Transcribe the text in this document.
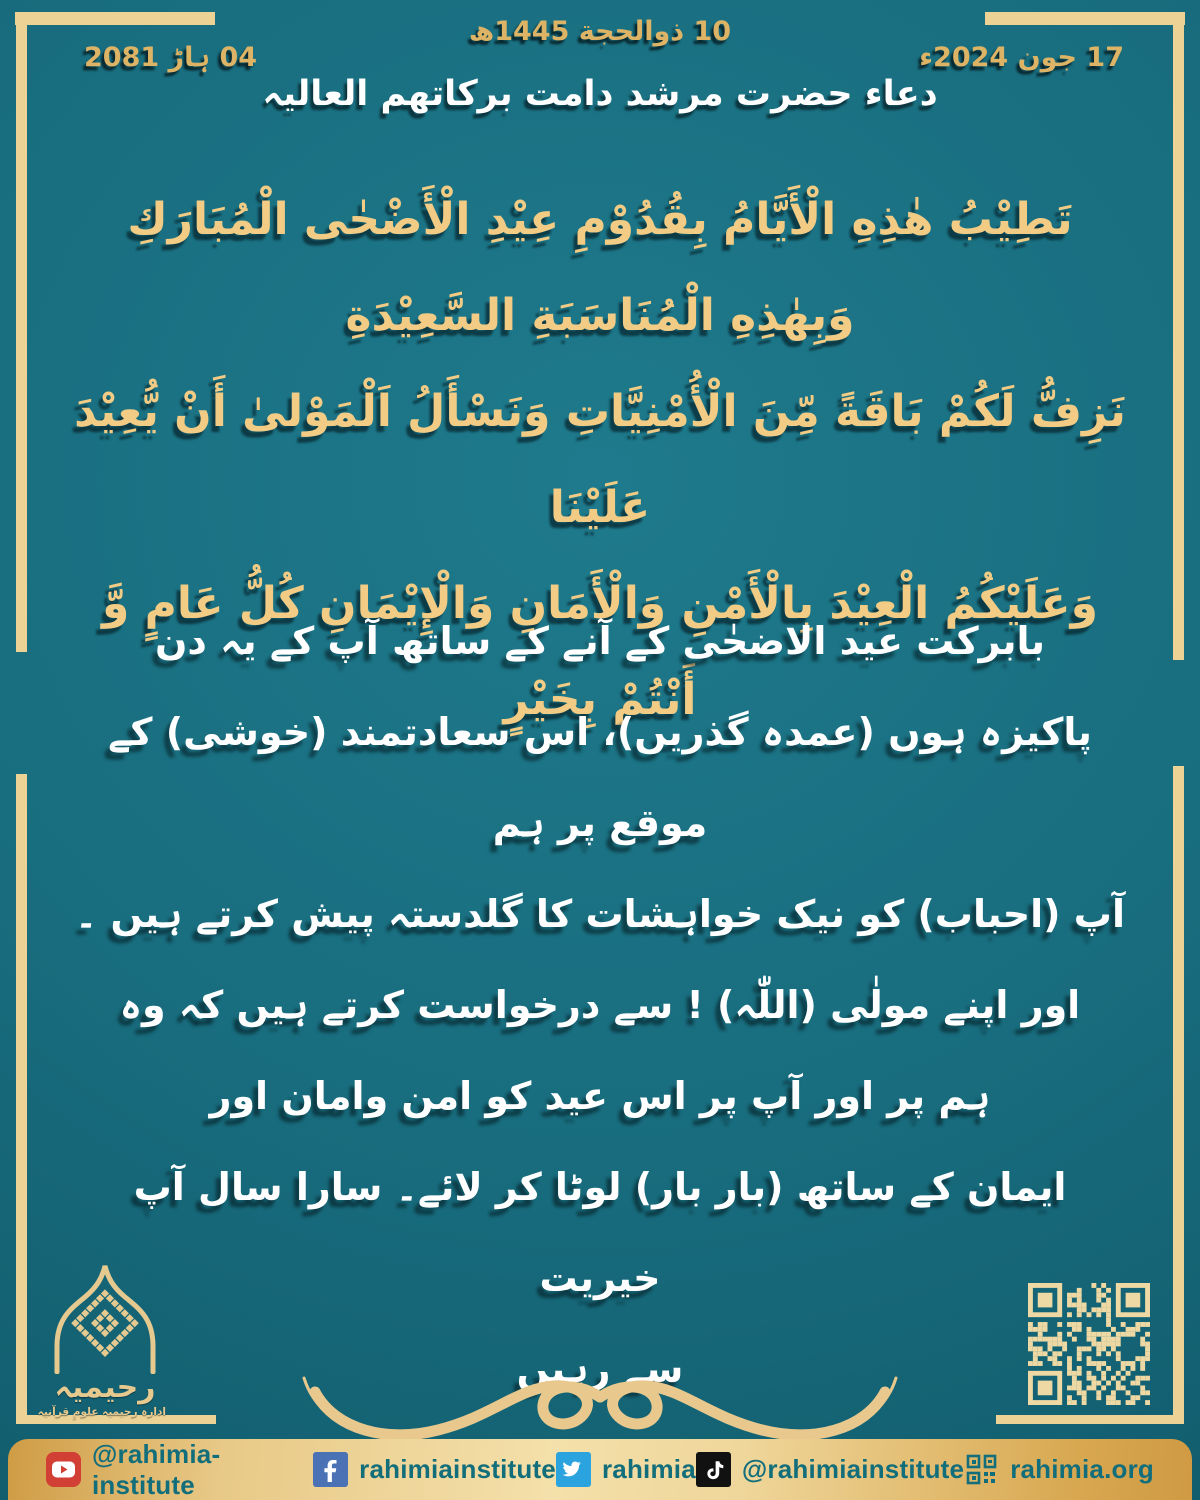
10 ذوالحجة 1445ھ
04 ہاڑ 2081	17 جون 2024ء
دعاء حضرت مرشد دامت برکاتھم العالیہ
تَطِيْبُ هٰذِهِ الْأَيَّامُ بِقُدُوْمِ عِيْدِ الْأَضْحٰى الْمُبَارَكِ وَبِهٰذِهِ الْمُنَاسَبَةِ السَّعِيْدَةِ
نَزِفُّ لَكُمْ بَاقَةً مِّنَ الْأُمْنِيَّاتِ وَنَسْأَلُ اَلْمَوْلىٰ أَنْ يُّعِيْدَ عَلَيْنَا
وَعَلَيْكُمُ الْعِيْدَ بِالْأَمْنِ وَالْأَمَانِ وَالْإِيْمَانِ كُلُّ عَامٍ وَّ أَنْتُمْ بِخَيْرٍ
بابرکت عید الاضحٰی کے آنے کے ساتھ آپ کے یہ دن
پاکیزہ ہوں (عمدہ گذریں)، اس سعادتمند (خوشی) کے موقع پر ہم
آپ (احباب) کو نیک خواہشات کا گلدستہ پیش کرتے ہیں ۔
اور اپنے مولٰی (اللّٰہ) ! سے درخواست کرتے ہیں کہ وہ
ہم پر اور آپ پر اس عید کو امن وامان اور
ایمان کے ساتھ (بار بار) لوٹا کر لائے۔ سارا سال آپ خیریت
سے رہیں
رحیمیہ
ادارہ رحیمیہ علومِ قرآنیہ
@rahimia-institute
rahimiainstitute rahimia @rahimiainstitute rahimia.org
